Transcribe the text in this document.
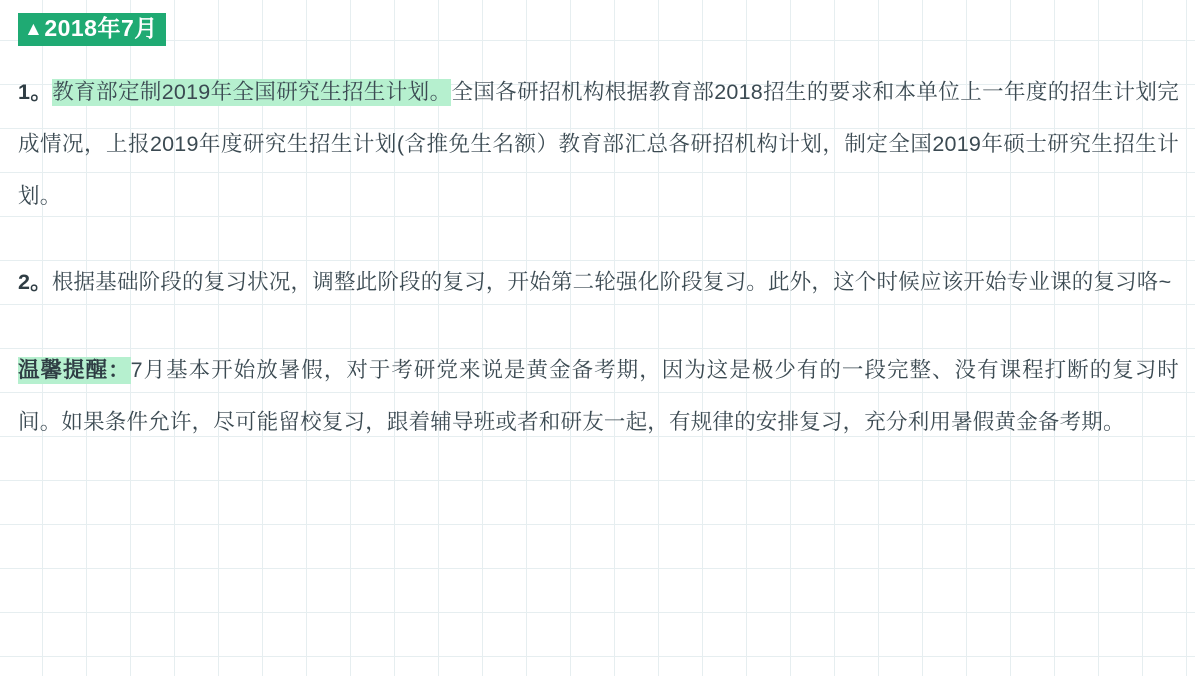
▲2018年7月

1。教育部定制2019年全国研究生招生计划。全国各研招机构根据教育部2018招生的要求和本单位上一年度的招生计划完成情况，上报2019年度研究生招生计划(含推免生名额）教育部汇总各研招机构计划，制定全国2019年硕士研究生招生计划。

2。根据基础阶段的复习状况，调整此阶段的复习，开始第二轮强化阶段复习。此外，这个时候应该开始专业课的复习咯~

温馨提醒：7月基本开始放暑假，对于考研党来说是黄金备考期，因为这是极少有的一段完整、没有课程打断的复习时间。如果条件允许，尽可能留校复习，跟着辅导班或者和研友一起，有规律的安排复习，充分利用暑假黄金备考期。
